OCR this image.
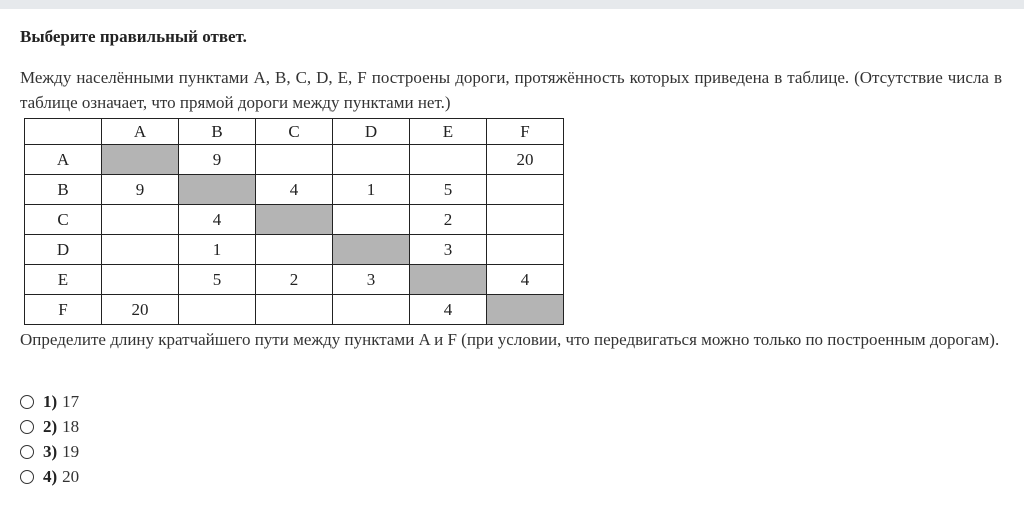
Выберите правильный ответ.

Между населёнными пунктами A, B, C, D, E, F построены дороги, протяжённость которых приведена в таблице. (Отсутствие числа в таблице означает, что прямой дороги между пунктами нет.)

	A	B	C	D	E	F
A		9				20
B	9		4	1	5	
C		4			2	
D		1			3	
E		5	2	3		4
F	20				4	

Определите длину кратчайшего пути между пунктами A и F (при условии, что передвигаться можно только по построенным дорогам).

1) 17
2) 18
3) 19
4) 20
